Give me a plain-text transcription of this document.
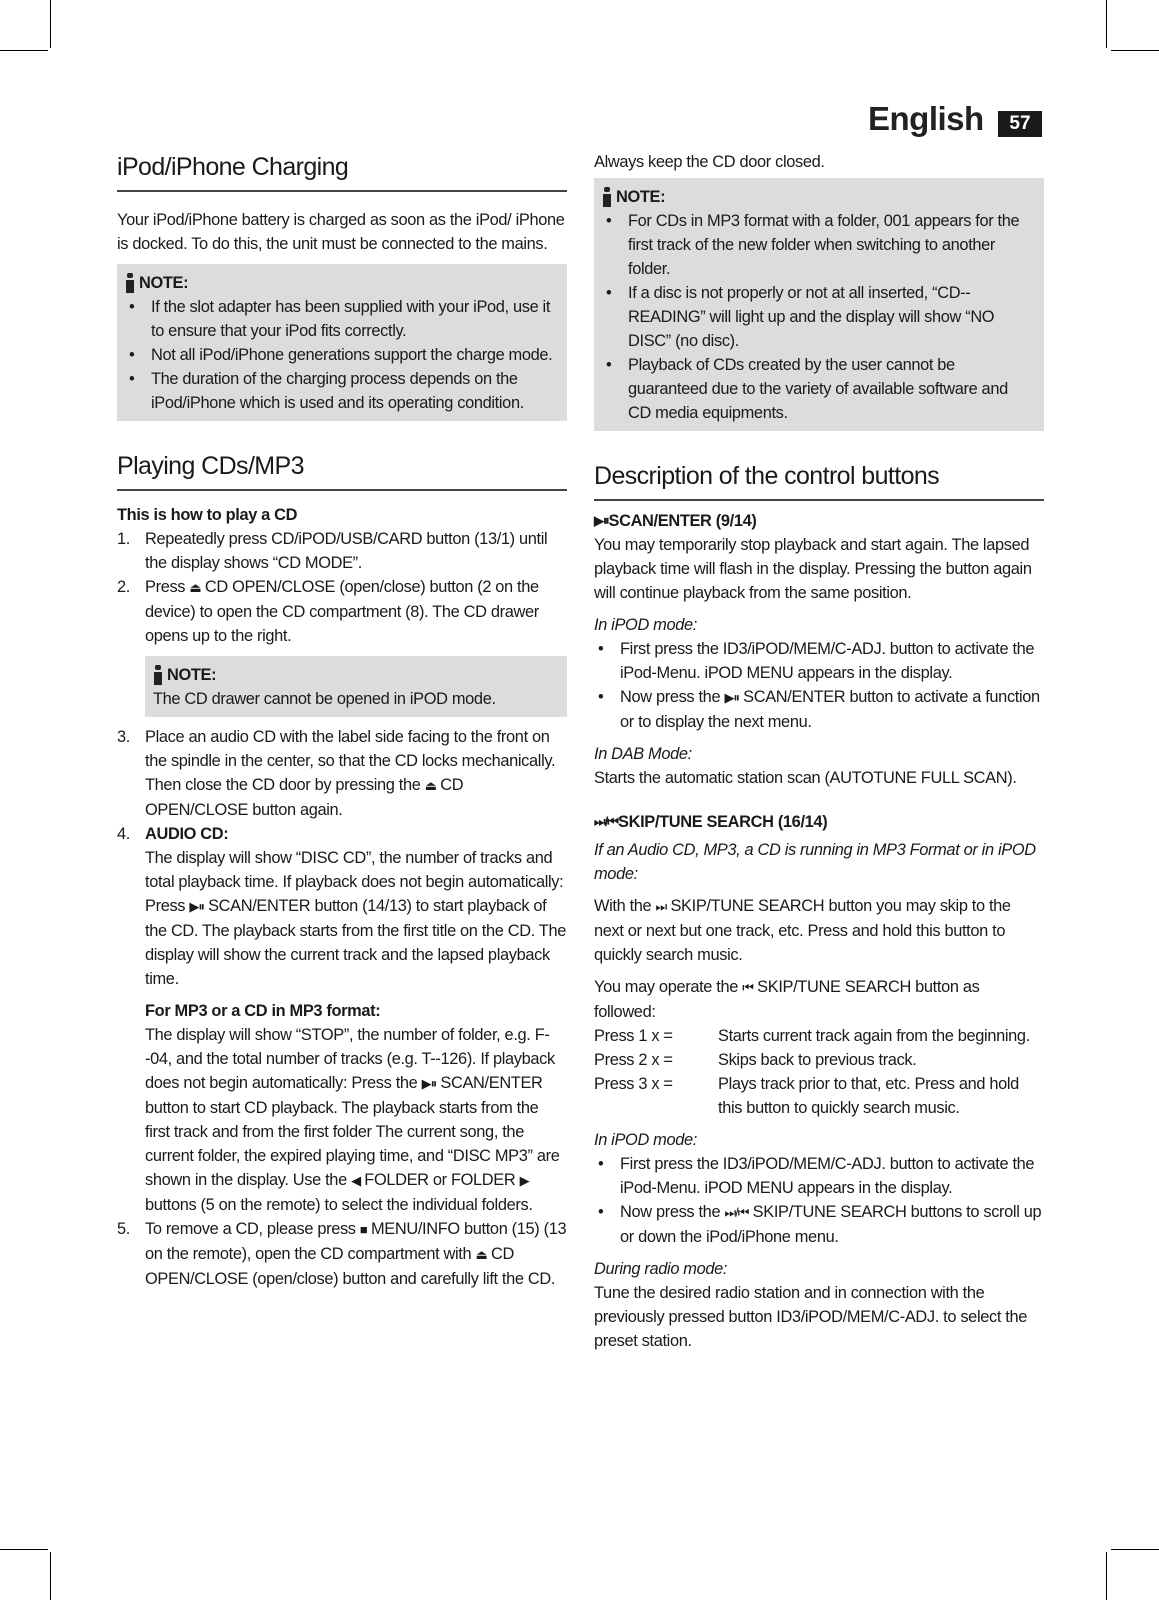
English	57
iPod/iPhone Charging

Your iPod/iPhone battery is charged as soon as the iPod/ iPhone is docked. To do this, the unit must be connected to the mains.

NOTE:
• If the slot adapter has been supplied with your iPod, use it to ensure that your iPod fits correctly.
• Not all iPod/iPhone generations support the charge mode.
• The duration of the charging process depends on the iPod/iPhone which is used and its operating condition.
Playing CDs/MP3

This is how to play a CD

1. Repeatedly press CD/iPOD/USB/CARD button (13/1) until the display shows “CD MODE”.
2. Press ⏏ CD OPEN/CLOSE (open/close) button (2 on the device) to open the CD compartment (8). The CD drawer opens up to the right.
NOTE:

The CD drawer cannot be opened in iPOD mode.

3. Place an audio CD with the label side facing to the front on the spindle in the center, so that the CD locks mechanically. Then close the CD door by pressing the ⏏ CD OPEN/CLOSE button again.
4. AUDIO CD:
The display will show “DISC CD”, the number of tracks and total playback time. If playback does not begin automatically: Press ▶⏸ SCAN/ENTER button (14/13) to start playback of the CD. The playback starts from the first title on the CD. The display will show the current track and the lapsed playback time.
For MP3 or a CD in MP3 format:
The display will show “STOP”, the number of folder, e.g. F--04, and the total number of tracks (e.g. T--126). If playback does not begin automatically: Press the ▶⏸ SCAN/ENTER button to start CD playback. The playback starts from the first track and from the first folder The current song, the current folder, the expired playing time, and “DISC MP3” are shown in the display. Use the ◀ FOLDER or FOLDER ▶ buttons (5 on the remote) to select the individual folders.
5. To remove a CD, please press ■ MENU/INFO button (15) (13 on the remote), open the CD compartment with ⏏ CD OPEN/CLOSE (open/close) button and carefully lift the CD.

Always keep the CD door closed.

NOTE:
• For CDs in MP3 format with a folder, 001 appears for the first track of the new folder when switching to another folder.
• If a disc is not properly or not at all inserted, “CD--READING” will light up and the display will show “NO DISC” (no disc).
• Playback of CDs created by the user cannot be guaranteed due to the variety of available software and CD media equipments.
Description of the control buttons
▶⏸ SCAN/ENTER (9/14)

You may temporarily stop playback and start again. The lapsed playback time will flash in the display. Pressing the button again will continue playback from the same position.

In iPOD mode:

• First press the ID3/iPOD/MEM/C-ADJ. button to activate the iPod-Menu. iPOD MENU appears in the display.
• Now press the ▶⏸ SCAN/ENTER button to activate a function or to display the next menu.

In DAB Mode:

Starts the automatic station scan (AUTOTUNE FULL SCAN).

⏭/⏮ SKIP/TUNE SEARCH (16/14)

If an Audio CD, MP3, a CD is running in MP3 Format or in iPOD mode:

With the ⏭ SKIP/TUNE SEARCH button you may skip to the next or next but one track, etc. Press and hold this button to quickly search music.

You may operate the ⏮ SKIP/TUNE SEARCH button as followed:

Press 1 x =	Starts current track again from the beginning.
Press 2 x =	Skips back to previous track.
Press 3 x =	Plays track prior to that, etc. Press and hold this button to quickly search music.

In iPOD mode:

• First press the ID3/iPOD/MEM/C-ADJ. button to activate the iPod-Menu. iPOD MENU appears in the display.
• Now press the ⏭/⏮ SKIP/TUNE SEARCH buttons to scroll up or down the iPod/iPhone menu.

During radio mode:

Tune the desired radio station and in connection with the previously pressed button ID3/iPOD/MEM/C-ADJ. to select the preset station.
